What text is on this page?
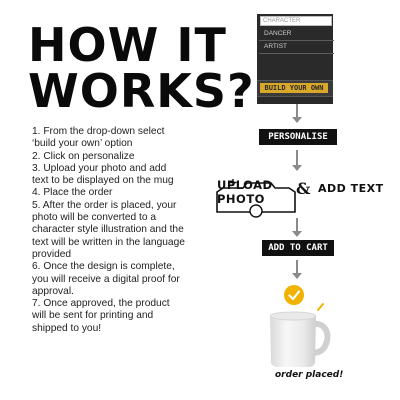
HOW IT
WORKS?
1. From the drop-down select
‘build your own’ option
2. Click on personalize
3. Upload your photo and add
text to be displayed on the mug
4. Place the order
5. After the order is placed, your
photo will be converted to a
character style illustration and the
text will be written in the language
provided
6. Once the design is complete,
you will receive a digital proof for
approval.
7. Once approved, the product
will be sent for printing and
shipped to you!
CHARACTER
DANCER
ARTIST
BUILD YOUR OWN
PERSONALISE
UPLOAD PHOTO
& ADD TEXT
ADD TO CART
order placed!
